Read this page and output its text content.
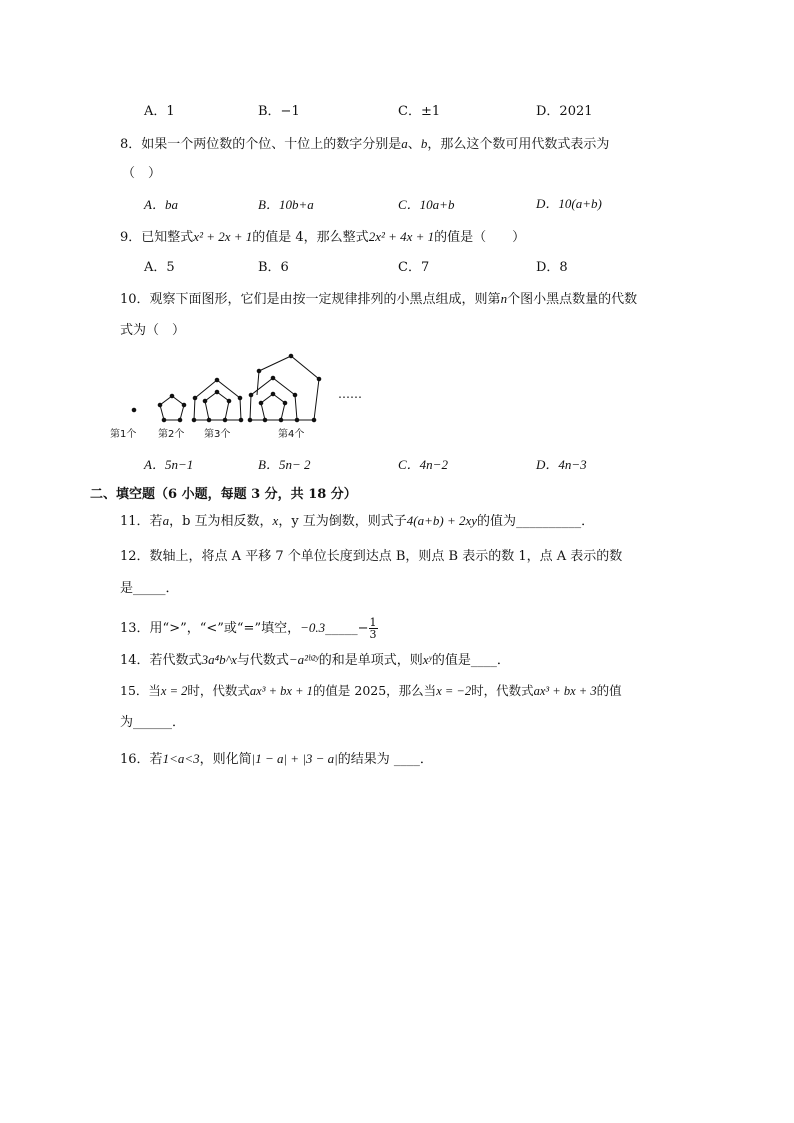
A．1	B．−1	C．±1	D．2021
8．如果一个两位数的个位、十位上的数字分别是a、b，那么这个数可用代数式表示为
（　）
A．ba	B．10b+a	C．10a+b	D．10(a+b)
9．已知整式x² + 2x + 1的值是 4，那么整式2x² + 4x + 1的值是（　　）
A．5	B．6	C．7	D．8
10．观察下面图形，它们是由按一定规律排列的小黑点组成，则第n个图小黑点数量的代数
式为（　）
……
第1个 第2个 第3个	第4个
A．5n−1	B．5n− 2	C．4n−2	D．4n−3
二、填空题（6 小题，每题 3 分，共 18 分）
11．若a，b 互为相反数，x，y 互为倒数，则式子4(a+b) + 2xy的值为__________．
12．数轴上，将点 A 平移 7 个单位长度到达点 B，则点 B 表示的数 1，点 A 表示的数
是_____．
13．用“>”，“<”或“=”填空，−0.3_____− $\frac{1}{3}$
14．若代数式3a⁴b^x与代数式−a²ᵇ²ʸ的和是单项式，则xʸ的值是____．
15．当x = 2时，代数式ax³ + bx + 1的值是 2025，那么当x = −2时，代数式ax³ + bx + 3的值
为______．
16．若1<a<3，则化简|1 − a| + |3 − a|的结果为 ____．
